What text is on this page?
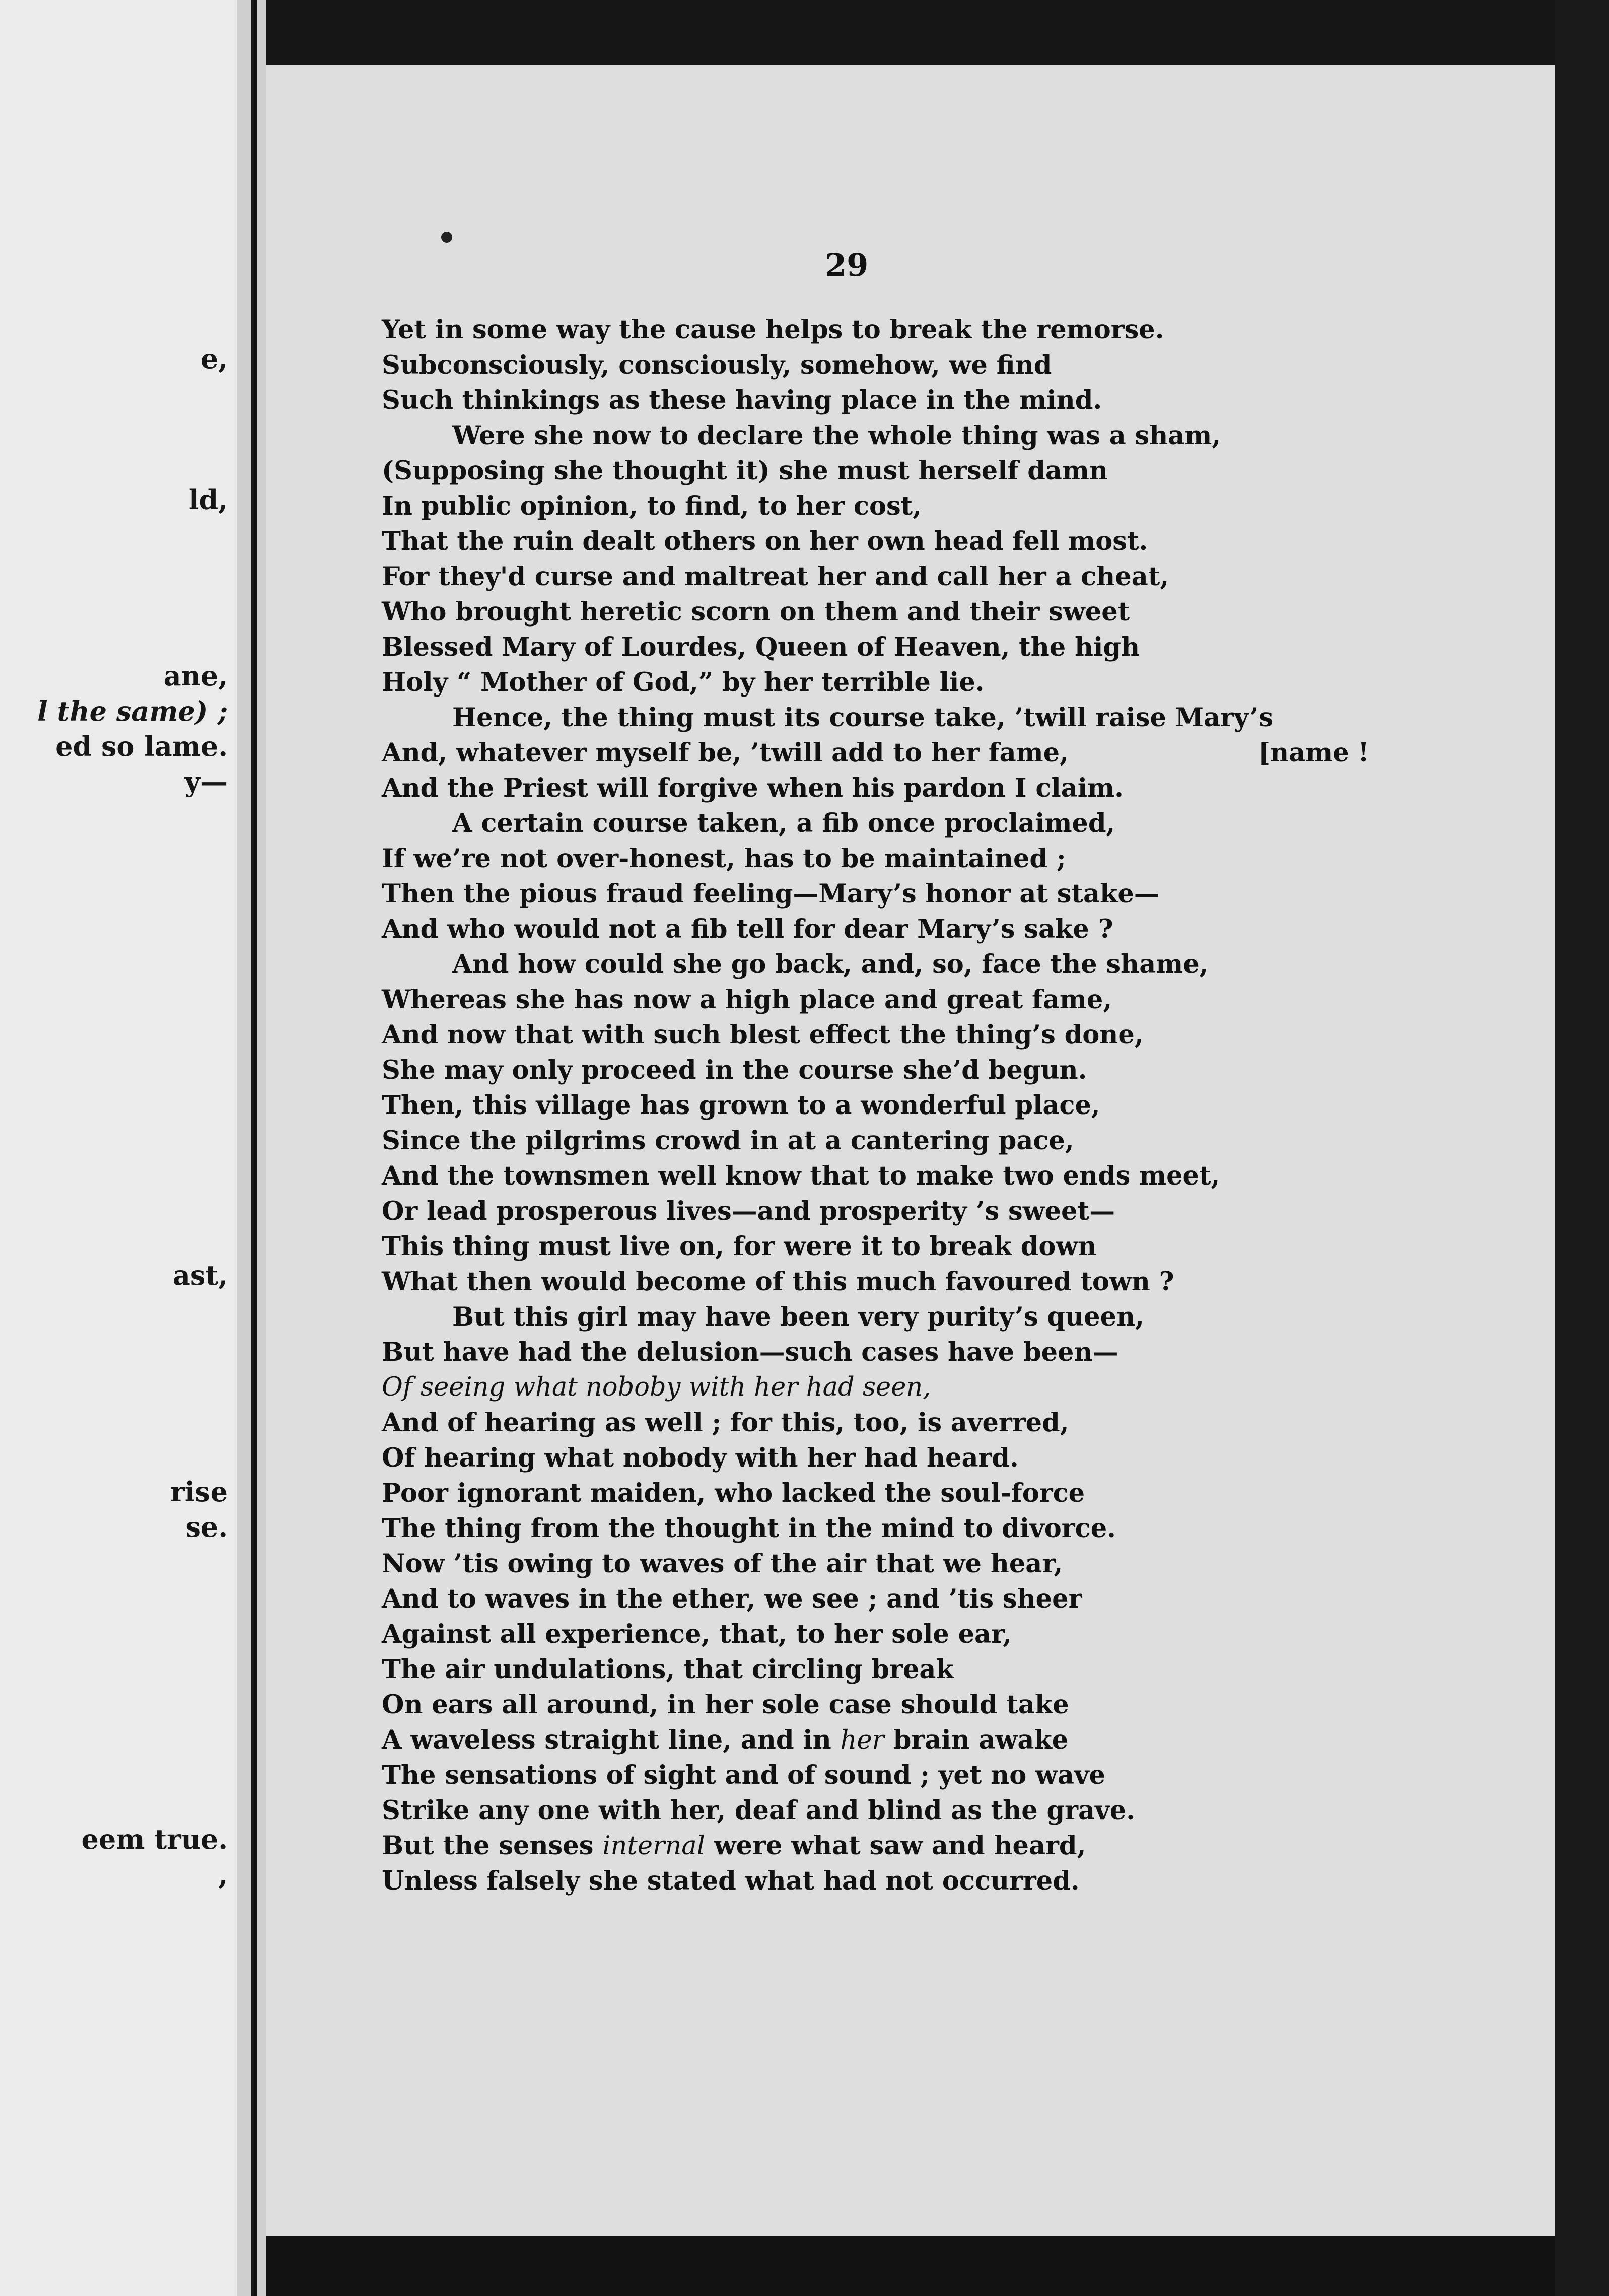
e,
ld,
ane,
l the same) ;
ed so lame.
y—
ast,
rise
se.
eem true.
,
29
Yet in some way the cause helps to break the remorse.
Subconsciously, consciously, somehow, we find
Such thinkings as these having place in the mind.
Were she now to declare the whole thing was a sham,
(Supposing she thought it) she must herself damn
In public opinion, to find, to her cost,
That the ruin dealt others on her own head fell most.
For they'd curse and maltreat her and call her a cheat,
Who brought heretic scorn on them and their sweet
Blessed Mary of Lourdes, Queen of Heaven, the high
Holy “ Mother of God,” by her terrible lie.
Hence, the thing must its course take, ’twill raise Mary’s
And, whatever myself be, ’twill add to her fame,	[name !
And the Priest will forgive when his pardon I claim.
A certain course taken, a fib once proclaimed,
If we’re not over-honest, has to be maintained ;
Then the pious fraud feeling—Mary’s honor at stake—
And who would not a fib tell for dear Mary’s sake ?
And how could she go back, and, so, face the shame,
Whereas she has now a high place and great fame,
And now that with such blest effect the thing’s done,
She may only proceed in the course she’d begun.
Then, this village has grown to a wonderful place,
Since the pilgrims crowd in at a cantering pace,
And the townsmen well know that to make two ends meet,
Or lead prosperous lives—and prosperity ’s sweet—
This thing must live on, for were it to break down
What then would become of this much favoured town ?
But this girl may have been very purity’s queen,
But have had the delusion—such cases have been—
Of seeing what noboby with her had seen,
And of hearing as well ; for this, too, is averred,
Of hearing what nobody with her had heard.
Poor ignorant maiden, who lacked the soul-force
The thing from the thought in the mind to divorce.
Now ’tis owing to waves of the air that we hear,
And to waves in the ether, we see ; and ’tis sheer
Against all experience, that, to her sole ear,
The air undulations, that circling break
On ears all around, in her sole case should take
A waveless straight line, and in her brain awake
The sensations of sight and of sound ; yet no wave
Strike any one with her, deaf and blind as the grave.
But the senses internal were what saw and heard,
Unless falsely she stated what had not occurred.
